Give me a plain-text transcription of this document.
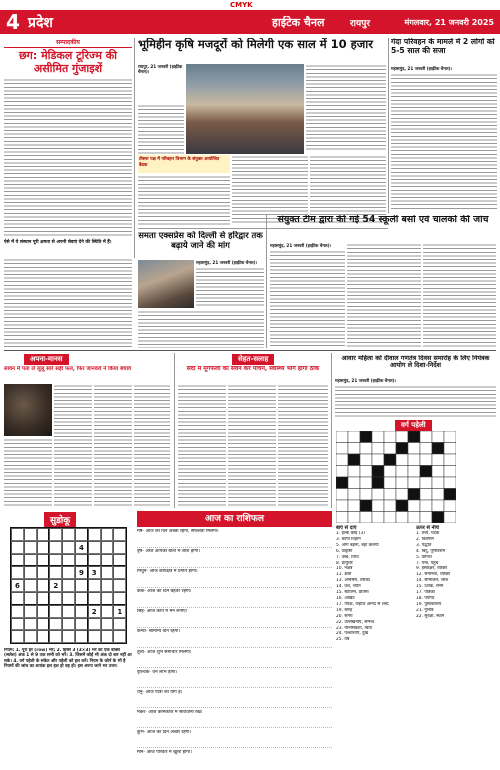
CMYK
4 प्रदेश	हाईटेक चैनल	रायपुर	मंगलवार, 21 जनवरी 2025
सम्पादकीय
छग: मेडिकल टूरिज्म की असीमित गुंजाइशें
ऐसे में ये संस्थान पूरी क्षमता से अपनी सेवाएं देने की स्थिति में हैं।
भूमिहीन कृषि मजदूरों को मिलेगी एक साल में 10 हजार
रायपुर, 21 जनवरी (हाईटेक चैनल)।
तीसरा पक्ष में परिवहन विभाग के संयुक्त आयोजित बैठक
गंदा परिवहन के मामले में 2 लोगों को 5-5 साल की सजा
महासमुंद, 21 जनवरी (हाईटेक चैनल)।
समता एक्सप्रेस को दिल्ली से हरिद्वार तक बढ़ाये जाने की मांग
महासमुंद, 21 जनवरी (हाईटेक चैनल)।
संयुक्त टीम द्वारा की गई 54 स्कूली बसों एवं चालकों की जांच
महासमुंद, 21 जनवरी (हाईटेक चैनल)।
अपना-मानस
सावन में पता ले लूलूं सारे सही फल, फिर जानवरों ने किया बचाव
सेहत-सलाह
सर्दी में मूंगफली का सेवन करें पांचन, स्वास्थ्य भाग होगा ठीक
आवार महिला को दीवाल गणतंत्र दिवस समारोह के लिए नियंत्रक आयोग ले दिशा-निर्देश
महासमुंद, 21 जनवरी (हाईटेक चैनल)।
वर्ग पहेली
बाएं से दाएं
1. हल्के कोई (3)
3. काया विहीन
5. आगे बढ़ना, बहा कलया
6. उत्कृष्टा
7. उच्च, विधि
8. प्रत्युत्तर
10. नक्षत्र
11. क्षेत्री
13. अन्वेषण, तरीका
14. वंश, जाति
15. स्टालिन, प्रतिमा
16. आखेट
17. पर्यक्ष, जहाज आनंद से शब्द
19. बारह
20. समय
22. उल्लेखनीय, सम्भव
23. मानसिकता, चिंता
24. पश्चात्ताप, दुख
25. वर्ष
ऊपर से नीचे
1. तथ्य, घटक
2. विशेषण
3. पद्धति
4. बिंदु, पूर्णविराम
5. वार्निश
7. यन्त्र, पहुँच
9. हस्ताक्षर, व्यक्ति
12. समानता, व्यक्ति
14. सीमांकन, जोश
15. दर्शक, लेन्स
17. पत्रिका
18. पर्याप्त
19. पुस्तकालय
21. गुलाब
22. सुरक्षा, स्थान
सुडोकू
4
9	3
6	2
2	1
नियम: 1. पूरा हर (row) भरें; 2. हिस्से 3 (3×3) भरें का एक बॉक्स (सलेश) अंक 1 से 9 तक सभी को भरें। 3. जिसमें कोई भी अंक दो बार नहीं आ सके। 4. वर्ग पहेली के संकेत और पहेली को हल करें। नियम के कोर्न के भी है नियमों की जांच का शतांक हल हल हो वह हो। इस अरना जाने भर उत्तर।
आज का राशिफल
मेष- आज का दिन अच्छा रहेगा, सफलता मिलेगी।
वृष- आज आपकी बातों में जोश होगा।
मिथुन- आज कार्यक्षेत्र में प्रगति होगी।
कर्क- आज का दिन बेहतर रहेगा।
सिंह- आज कार्य में मन लगाएं।
कन्या- सामान्य दिन रहेगा।
तुला- आज शुभ समाचार मिलेगा।
वृश्चिक- धन लाभ होगा।
धनु- आज यात्रा का योग है।
मकर- आज कामकाज में सावधानी रखें।
कुंभ- आज का दिन अच्छा रहेगा।
मीन- आज परिवार में खुशी होगी।
